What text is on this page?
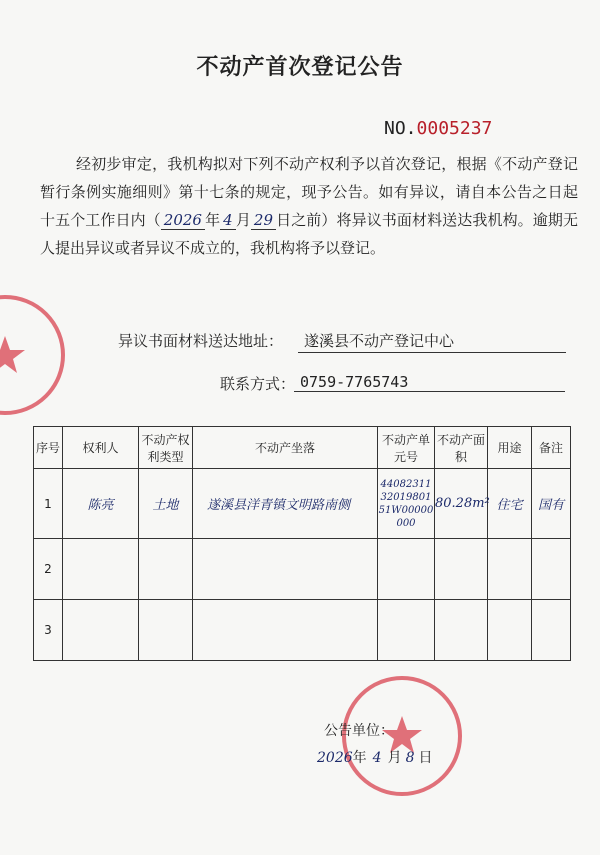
不动产首次登记公告
NO.0005237
经初步审定，我机构拟对下列不动产权利予以首次登记，根据《不动产登记暂行条例实施细则》第十七条的规定，现予公告。如有异议，请自本公告之日起十五个工作日内（ 2026 年 4 月 29 日之前）将异议书面材料送达我机构。逾期无人提出异议或者异议不成立的，我机构将予以登记。
异议书面材料送达地址：	遂溪县不动产登记中心
联系方式： 0759-7765743
序号	权利人	不动产权利类型	不动产坐落	不动产单元号	不动产面积	用途	备注
1	陈亮	土地	遂溪县洋青镇文明路南侧	440823113201980151W00000000	80.28m²	住宅	国有
2							
3							
公告单位：
2026年 4 月 8 日
